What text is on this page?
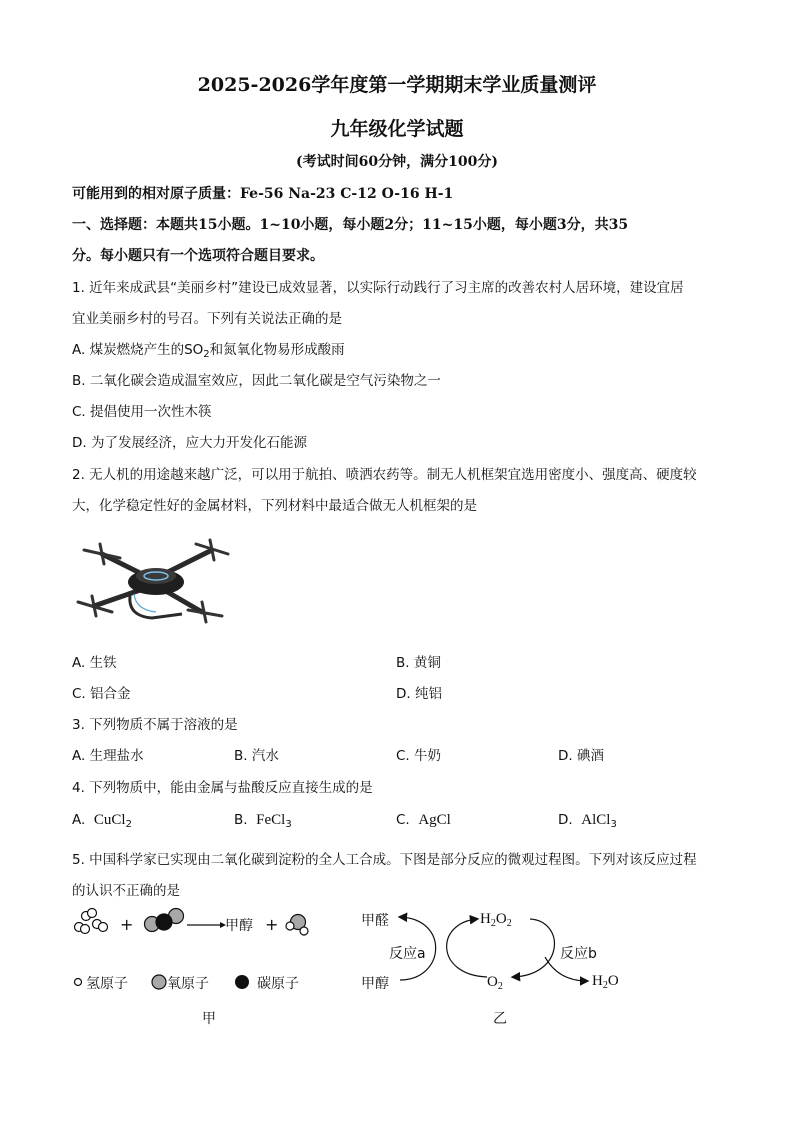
2025-2026学年度第一学期期末学业质量测评
九年级化学试题
(考试时间60分钟，满分100分)
可能用到的相对原子质量：Fe-56 Na-23 C-12 O-16 H-1
一、选择题：本题共15小题。1~10小题，每小题2分；11~15小题，每小题3分，共35
分。每小题只有一个选项符合题目要求。
1. 近年来成武县“美丽乡村”建设已成效显著，以实际行动践行了习主席的改善农村人居环境，建设宜居
宜业美丽乡村的号召。下列有关说法正确的是
A. 煤炭燃烧产生的$SO_2$和氮氧化物易形成酸雨
B. 二氧化碳会造成温室效应，因此二氧化碳是空气污染物之一
C. 提倡使用一次性木筷
D. 为了发展经济，应大力开发化石能源
2. 无人机的用途越来越广泛，可以用于航拍、喷洒农药等。制无人机框架宜选用密度小、强度高、硬度较
大，化学稳定性好的金属材料，下列材料中最适合做无人机框架的是
A. 生铁	B. 黄铜
C. 铝合金	D. 纯铝
3. 下列物质不属于溶液的是
A. 生理盐水	B. 汽水	C. 牛奶	D. 碘酒
4. 下列物质中，能由金属与盐酸反应直接生成的是
A. CuCl$_2$	B. FeCl$_3$	C. AgCl	D. AlCl$_3$
5. 中国科学家已实现由二氧化碳到淀粉的全人工合成。下图是部分反应的微观过程图。下列对该反应过程
的认识不正确的是
+	甲醇 +
氢原子	氧原子	碳原子
甲
甲醛	$H_2O_2$
反应a	反应b
甲醇	$O_2$	$H_2O$
乙
